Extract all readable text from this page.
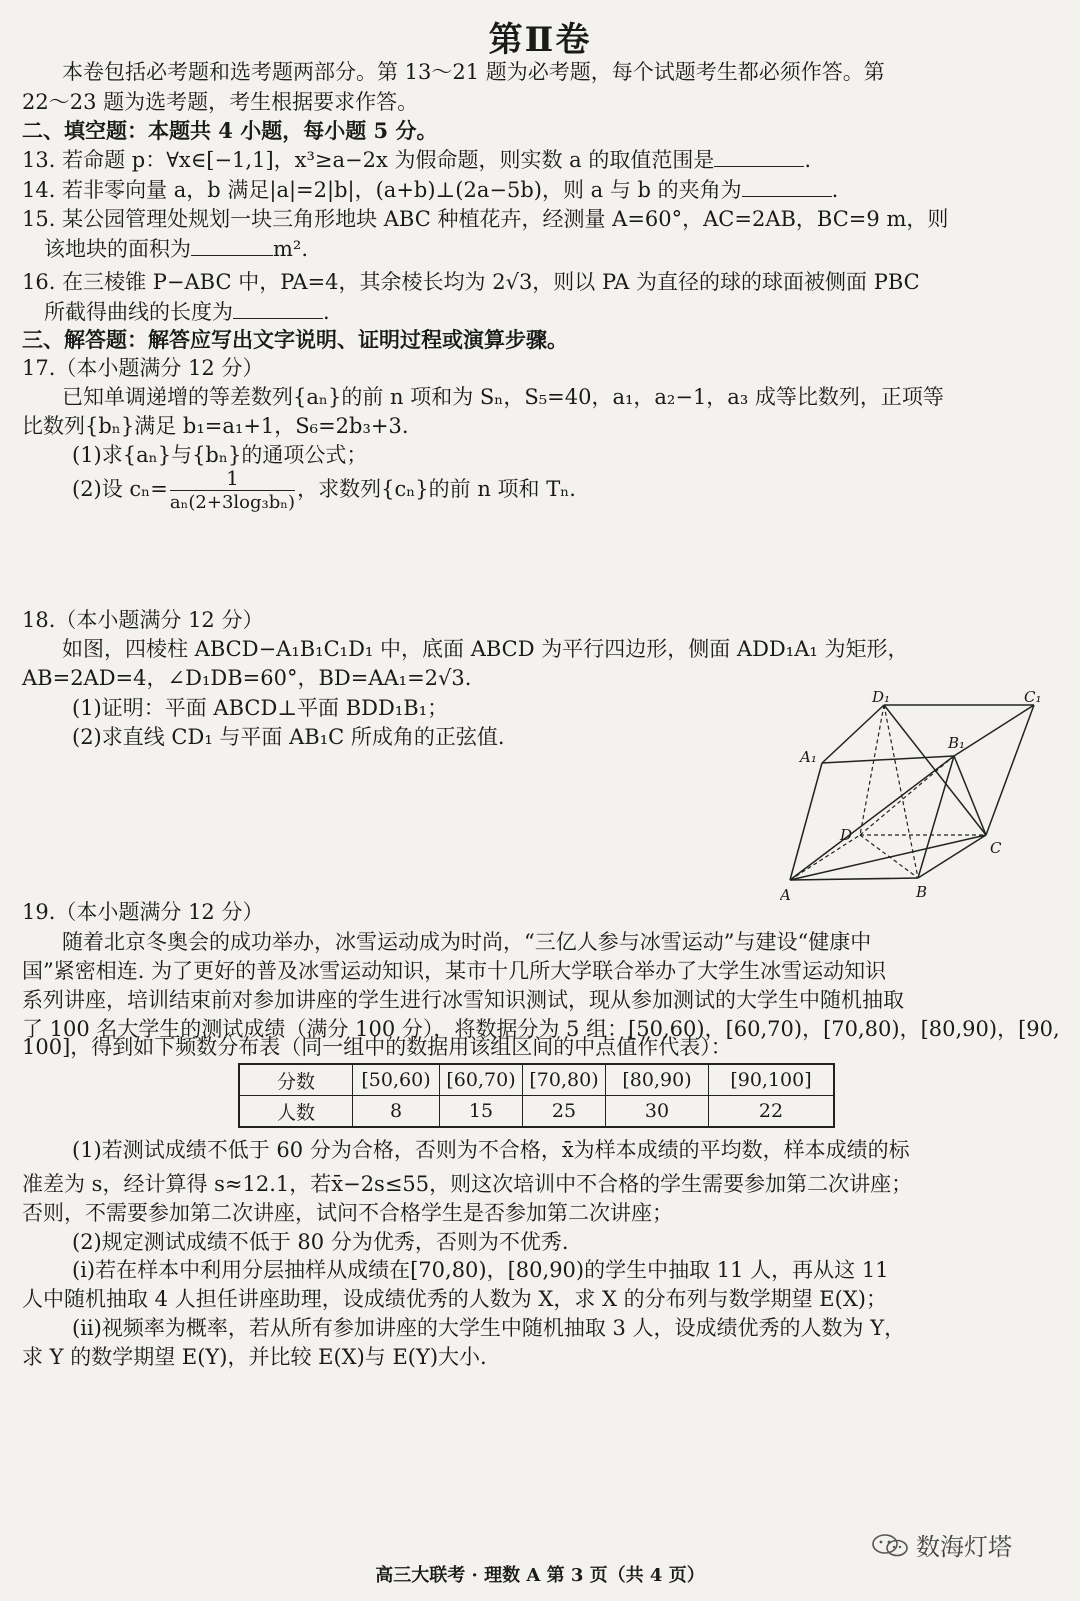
第Ⅱ卷
本卷包括必考题和选考题两部分。第 13～21 题为必考题，每个试题考生都必须作答。第
22～23 题为选考题，考生根据要求作答。
二、填空题：本题共 4 小题，每小题 5 分。
13. 若命题 p：∀x∈[−1,1]，x³≥a−2x 为假命题，则实数 a 的取值范围是	.
14. 若非零向量 a，b 满足|a|=2|b|，(a+b)⊥(2a−5b)，则 a 与 b 的夹角为	.
15. 某公园管理处规划一块三角形地块 ABC 种植花卉，经测量 A=60°，AC=2AB，BC=9 m，则
该地块的面积为	m².
16. 在三棱锥 P−ABC 中，PA=4，其余棱长均为 2√3，则以 PA 为直径的球的球面被侧面 PBC
所截得曲线的长度为	.
三、解答题：解答应写出文字说明、证明过程或演算步骤。
17.（本小题满分 12 分）
已知单调递增的等差数列{aₙ}的前 n 项和为 Sₙ，S₅=40，a₁，a₂−1，a₃ 成等比数列，正项等
比数列{bₙ}满足 b₁=a₁+1，S₆=2b₃+3.
(1)求{aₙ}与{bₙ}的通项公式；
(2)设 $c_n= \frac{1}{\text{aₙ(2+3log₃bₙ)}}$ ，求数列{cₙ}的前 n 项和 Tₙ.
18.（本小题满分 12 分）
如图，四棱柱 ABCD−A₁B₁C₁D₁ 中，底面 ABCD 为平行四边形，侧面 ADD₁A₁ 为矩形，
AB=2AD=4，∠D₁DB=60°，BD=AA₁=2√3.
(1)证明：平面 ABCD⊥平面 BDD₁B₁；
(2)求直线 CD₁ 与平面 AB₁C 所成角的正弦值.
D₁	C₁
A₁
B₁
D
C
A	B
19.（本小题满分 12 分）
随着北京冬奥会的成功举办，冰雪运动成为时尚，“三亿人参与冰雪运动”与建设“健康中
国”紧密相连. 为了更好的普及冰雪运动知识，某市十几所大学联合举办了大学生冰雪运动知识
系列讲座，培训结束前对参加讲座的学生进行冰雪知识测试，现从参加测试的大学生中随机抽取
了 100 名大学生的测试成绩（满分 100 分），将数据分为 5 组：[50,60)，[60,70)，[70,80)，[80,90)，[90,
100]，得到如下频数分布表（同一组中的数据用该组区间的中点值作代表）：
分数	[50,60)	[60,70)	[70,80)	[80,90)	[90,100]
人数	8	15	25	30	22
(1)若测试成绩不低于 60 分为合格，否则为不合格，x̄为样本成绩的平均数，样本成绩的标
准差为 s，经计算得 s≈12.1，若x̄−2s≤55，则这次培训中不合格的学生需要参加第二次讲座；
否则，不需要参加第二次讲座，试问不合格学生是否参加第二次讲座；
(2)规定测试成绩不低于 80 分为优秀，否则为不优秀.
(ⅰ)若在样本中利用分层抽样从成绩在[70,80)，[80,90)的学生中抽取 11 人，再从这 11
人中随机抽取 4 人担任讲座助理，设成绩优秀的人数为 X，求 X 的分布列与数学期望 E(X)；
(ⅱ)视频率为概率，若从所有参加讲座的大学生中随机抽取 3 人，设成绩优秀的人数为 Y，
求 Y 的数学期望 E(Y)，并比较 E(X)与 E(Y)大小.
数海灯塔
高三大联考 · 理数 A 第 3 页（共 4 页）
